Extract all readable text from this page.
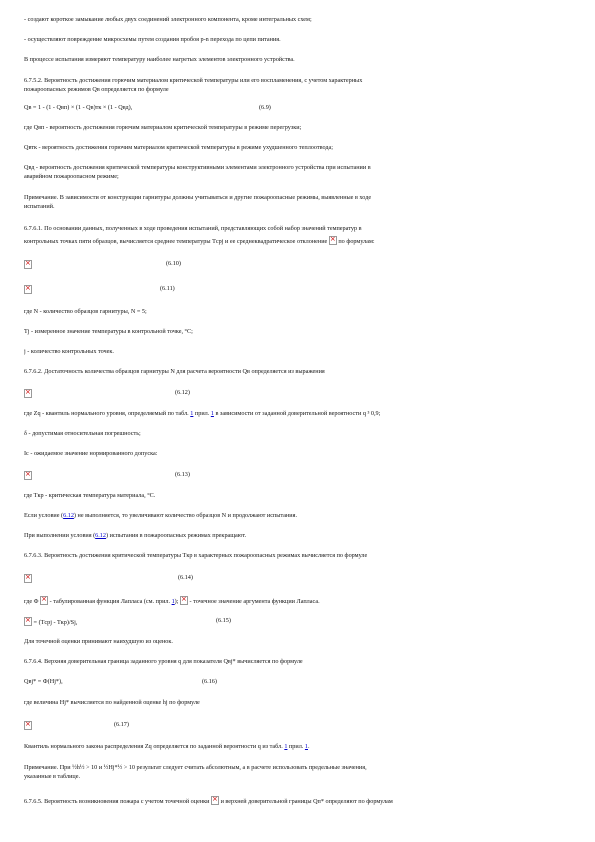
- создают короткое замыкание любых двух соединений электронного компонента, кроме интегральных схем;
- осуществляют повреждение микросхемы путем создания пробоя p-n перехода по цепи питания.
В процессе испытания измеряют температуру наиболее нагретых элементов электронного устройства.
6.7.5.2. Вероятность достижения горючим материалом критической температуры или его воспламенения, с учетом характерных
пожароопасных режимов Qв определяется по формуле
Qв = 1 - (1 - Qвп) × (1 - Qв)тк × (1 - Qвд),	(6.9)
где Qвп - вероятность достижения горючим материалом критической температуры в режиме перегрузки;
Qвтк - вероятность достижения горючим материалом критической температуры в режиме ухудшенного теплоотвода;
Qвд - вероятность достижения критической температуры конструктивными элементами электронного устройства при испытании в
аварийном пожароопасном режиме;
Примечание. В зависимости от конструкции гарнитуры должны учитываться и другие пожароопасные режимы, выявленные в ходе
испытаний.
6.7.6.1. По основании данных, полученных в ходе проведения испытаний, представляющих собой набор значений температур в
контрольных точках пяти образцов, вычисляется среднее температуры Tсрj и ее среднеквадратическое отклонение × по формулам:
×
(6.10)
×
(6.11)
где N - количество образцов гарнитуры, N = 5;
Tj - измеренное значение температуры в контрольной точке, °C;
j - количество контрольных точек.
6.7.6.2. Достаточность количества образцов гарнитуры N для расчета вероятности Qв определяется из выражения
×
(6.12)
где Zq - квантиль нормального уровня, определяемый по табл. 1 прил. 1 в зависимости от заданной доверительной вероятности q ³ 0,9;
δ - допустимая относительная погрешность;
Ιс - ожидаемое значение нормированного допуска:
×
(6.13)
где Tкр - критическая температура материала, °C.
Если условие (6.12) не выполняется, то увеличивают количество образцов N и продолжают испытания.
При выполнении условия (6.12) испытания в пожароопасных режимах прекращают.
6.7.6.3. Вероятность достижения критической температуры Tкр в характерных пожароопасных режимах вычисляется по формуле
×
(6.14)
где Ф × - табулированная функция Лапласа (см. прил. 1); × - точечное значение аргумента функции Лапласа.
× = (Tсрj - Tкр)/Sj,	(6.15)
Для точечной оценки принимают наихудшую из оценок.
6.7.6.4. Верхняя доверительная граница заданного уровня q для показателя Qвj* вычисляется по формуле
Qвj* = Ф(Hj*),	(6.16)
где величина Hj* вычисляется по найденной оценке hj по формуле
×
(6.17)
Квантиль нормального закона распределения Zq определяется по заданной вероятности q из табл. 1 прил. 1.
Примечание. При ½h½ > 10 и ½Hj*½ > 10 результат следует считать абсолютным, а в расчете использовать предельные значения,
указанные в таблице.
6.7.6.5. Вероятность возникновения пожара с учетом точечной оценки × и верхней доверительной границы Qп* определяют по формулам
